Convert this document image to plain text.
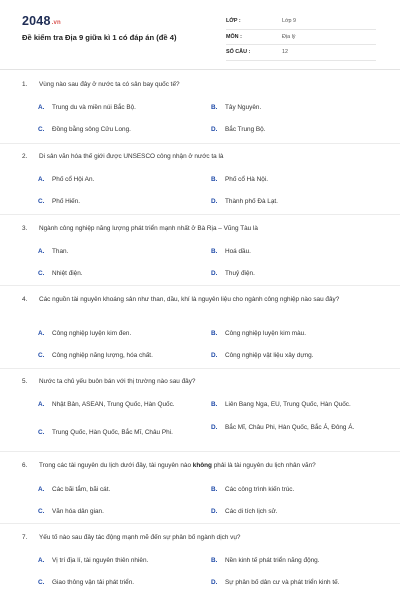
2048.vn
Đề kiểm tra Địa 9 giữa kì 1 có đáp án (đề 4)
LỚP :	Lớp 9
MÔN :	Địa lý
SỐ CÂU :	12
1. Vùng nào sau đây ở nước ta có sân bay quốc tế?
A. Trung du và miền núi Bắc Bộ.	B. Tây Nguyên.
C. Đồng bằng sông Cửu Long.	D. Bắc Trung Bộ.
2. Di sản văn hóa thế giới được UNSESCO công nhận ở nước ta là
A. Phố cổ Hội An.	B. Phố cổ Hà Nội.
C. Phố Hiến.	D. Thành phố Đà Lạt.
3. Ngành công nghiệp năng lượng phát triển mạnh nhất ở Bà Rịa – Vũng Tàu là
A. Than.	B. Hoá dầu.
C. Nhiệt điện.	D. Thuỷ điện.
4. Các nguồn tài nguyên khoáng sản như than, dầu, khí là nguyên liệu cho ngành công nghiệp nào sau đây?
A. Công nghiệp luyện kim đen.	B. Công nghiệp luyện kim màu.
C. Công nghiệp năng lượng, hóa chất.	D. Công nghiệp vật liệu xây dựng.
5. Nước ta chủ yếu buôn bán với thị trường nào sau đây?
A. Nhật Bản, ASEAN, Trung Quốc, Hàn Quốc.	B. Liên Bang Nga, EU, Trung Quốc, Hàn Quốc.
C. Trung Quốc, Hàn Quốc, Bắc Mĩ, Châu Phi.
D. Bắc Mĩ, Châu Phi, Hàn Quốc, Bắc Á, Đông Á.
6. Trong các tài nguyên du lịch dưới đây, tài nguyên nào không phải là tài nguyên du lịch nhân văn?
A. Các bãi tắm, bãi cát.	B. Các công trình kiến trúc.
C. Văn hóa dân gian.	D. Các di tích lịch sử.
7. Yếu tố nào sau đây tác động mạnh mẽ đến sự phân bố ngành dịch vụ?
A. Vị trí địa lí, tài nguyên thiên nhiên.	B. Nền kinh tế phát triển năng động.
C. Giao thông vận tải phát triển.	D. Sự phân bố dân cư và phát triển kinh tế.
